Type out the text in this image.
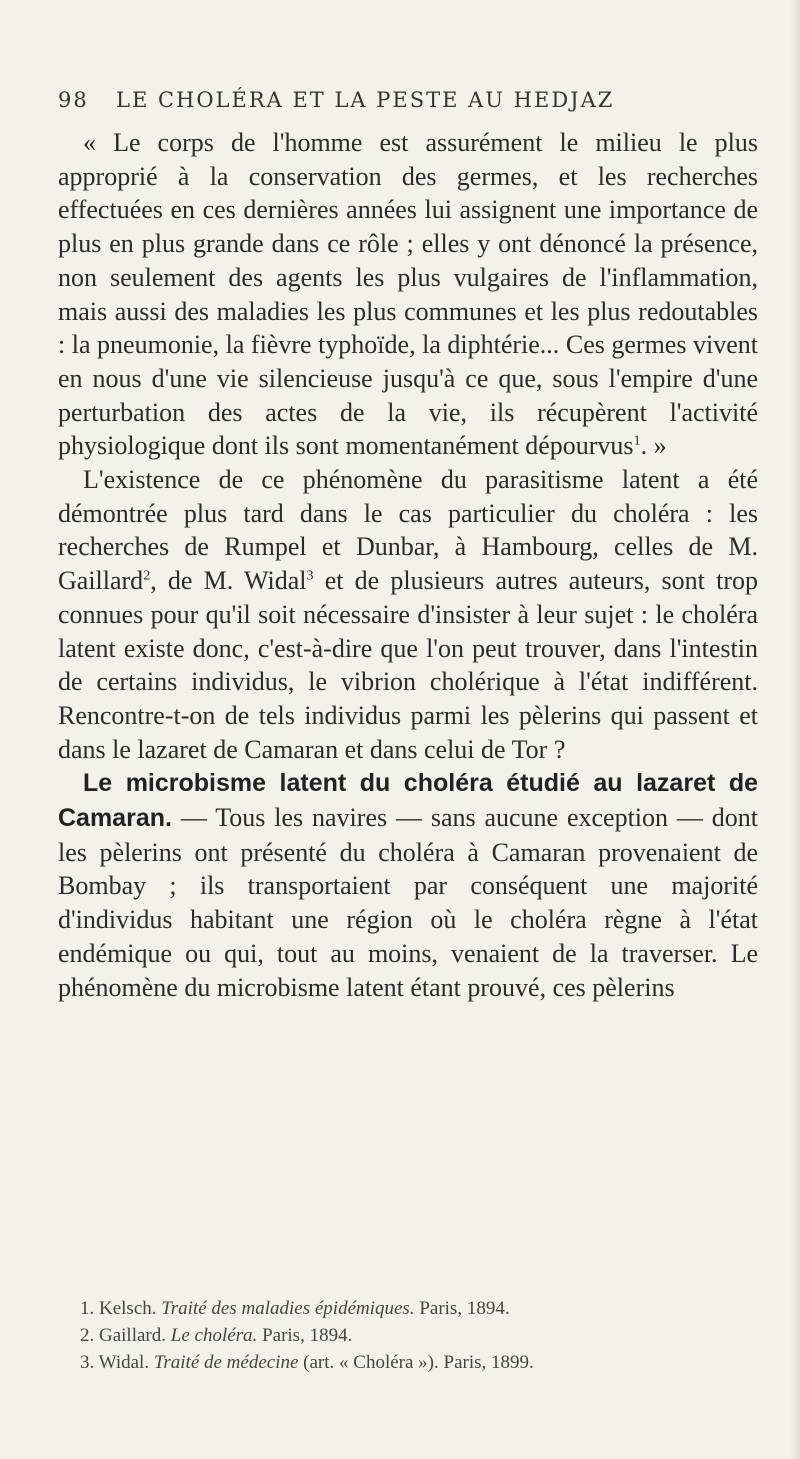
98 LE CHOLÉRA ET LA PESTE AU HEDJAZ

« Le corps de l'homme est assurément le milieu le plus approprié à la conservation des germes, et les recherches effectuées en ces dernières années lui assignent une importance de plus en plus grande dans ce rôle ; elles y ont dénoncé la présence, non seulement des agents les plus vulgaires de l'inflammation, mais aussi des maladies les plus communes et les plus redoutables : la pneumonie, la fièvre typhoïde, la diphtérie... Ces germes vivent en nous d'une vie silencieuse jusqu'à ce que, sous l'empire d'une perturbation des actes de la vie, ils récupèrent l'activité physiologique dont ils sont momentanément dépourvus$^1$. »

L'existence de ce phénomène du parasitisme latent a été démontrée plus tard dans le cas particulier du choléra : les recherches de Rumpel et Dunbar, à Hambourg, celles de M. Gaillard$^2$, de M. Widal$^3$ et de plusieurs autres auteurs, sont trop connues pour qu'il soit nécessaire d'insister à leur sujet : le choléra latent existe donc, c'est-à-dire que l'on peut trouver, dans l'intestin de certains individus, le vibrion cholérique à l'état indifférent. Rencontre-t-on de tels individus parmi les pèlerins qui passent et dans le lazaret de Camaran et dans celui de Tor ?

Le microbisme latent du choléra étudié au lazaret de Camaran. — Tous les navires — sans aucune exception — dont les pèlerins ont présenté du choléra à Camaran provenaient de Bombay ; ils transportaient par conséquent une majorité d'individus habitant une région où le choléra règne à l'état endémique ou qui, tout au moins, venaient de la traverser. Le phénomène du microbisme latent étant prouvé, ces pèlerins

1. Kelsch. Traité des maladies épidémiques. Paris, 1894.

2. Gaillard. Le choléra. Paris, 1894.

3. Widal. Traité de médecine (art. « Choléra »). Paris, 1899.
